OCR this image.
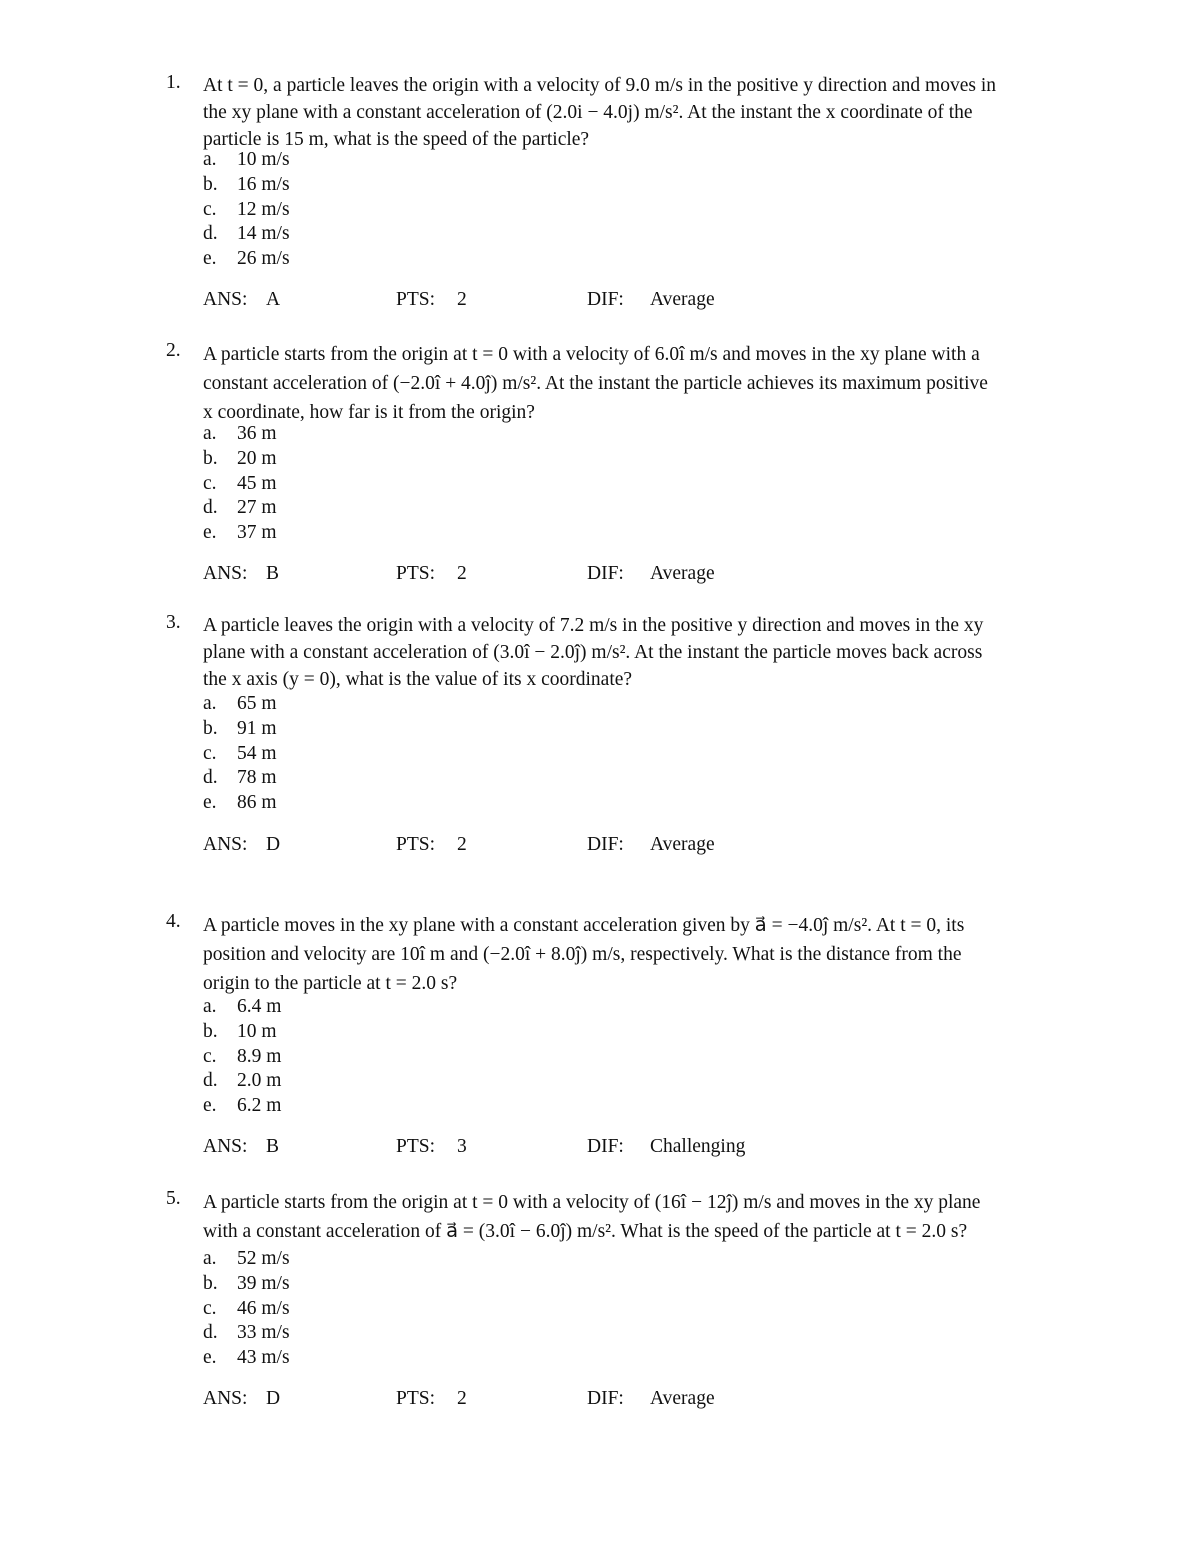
1.	At t = 0, a particle leaves the origin with a velocity of 9.0 m/s in the positive y direction and moves in
the xy plane with a constant acceleration of (2.0i − 4.0j) m/s². At the instant the x coordinate of the
particle is 15 m, what is the speed of the particle?
a. 10 m/s
b. 16 m/s
c. 12 m/s
d. 14 m/s
e. 26 m/s
ANS: A	PTS: 2	DIF: Average
2.	A particle starts from the origin at t = 0 with a velocity of 6.0î m/s and moves in the xy plane with a
constant acceleration of (−2.0î + 4.0ĵ) m/s². At the instant the particle achieves its maximum positive
x coordinate, how far is it from the origin?
a. 36 m
b. 20 m
c. 45 m
d. 27 m
e. 37 m
ANS: B	PTS: 2	DIF: Average
3.	A particle leaves the origin with a velocity of 7.2 m/s in the positive y direction and moves in the xy
plane with a constant acceleration of (3.0î − 2.0ĵ) m/s². At the instant the particle moves back across
the x axis (y = 0), what is the value of its x coordinate?
a. 65 m
b. 91 m
c. 54 m
d. 78 m
e. 86 m
ANS: D	PTS: 2	DIF: Average
4.	A particle moves in the xy plane with a constant acceleration given by a⃗ = −4.0ĵ m/s². At t = 0, its
position and velocity are 10î m and (−2.0î + 8.0ĵ) m/s, respectively. What is the distance from the
origin to the particle at t = 2.0 s?
a. 6.4 m
b. 10 m
c. 8.9 m
d. 2.0 m
e. 6.2 m
ANS: B	PTS: 3	DIF: Challenging
5.	A particle starts from the origin at t = 0 with a velocity of (16î − 12ĵ) m/s and moves in the xy plane
with a constant acceleration of a⃗ = (3.0î − 6.0ĵ) m/s². What is the speed of the particle at t = 2.0 s?
a. 52 m/s
b. 39 m/s
c. 46 m/s
d. 33 m/s
e. 43 m/s
ANS: D	PTS: 2	DIF: Average
